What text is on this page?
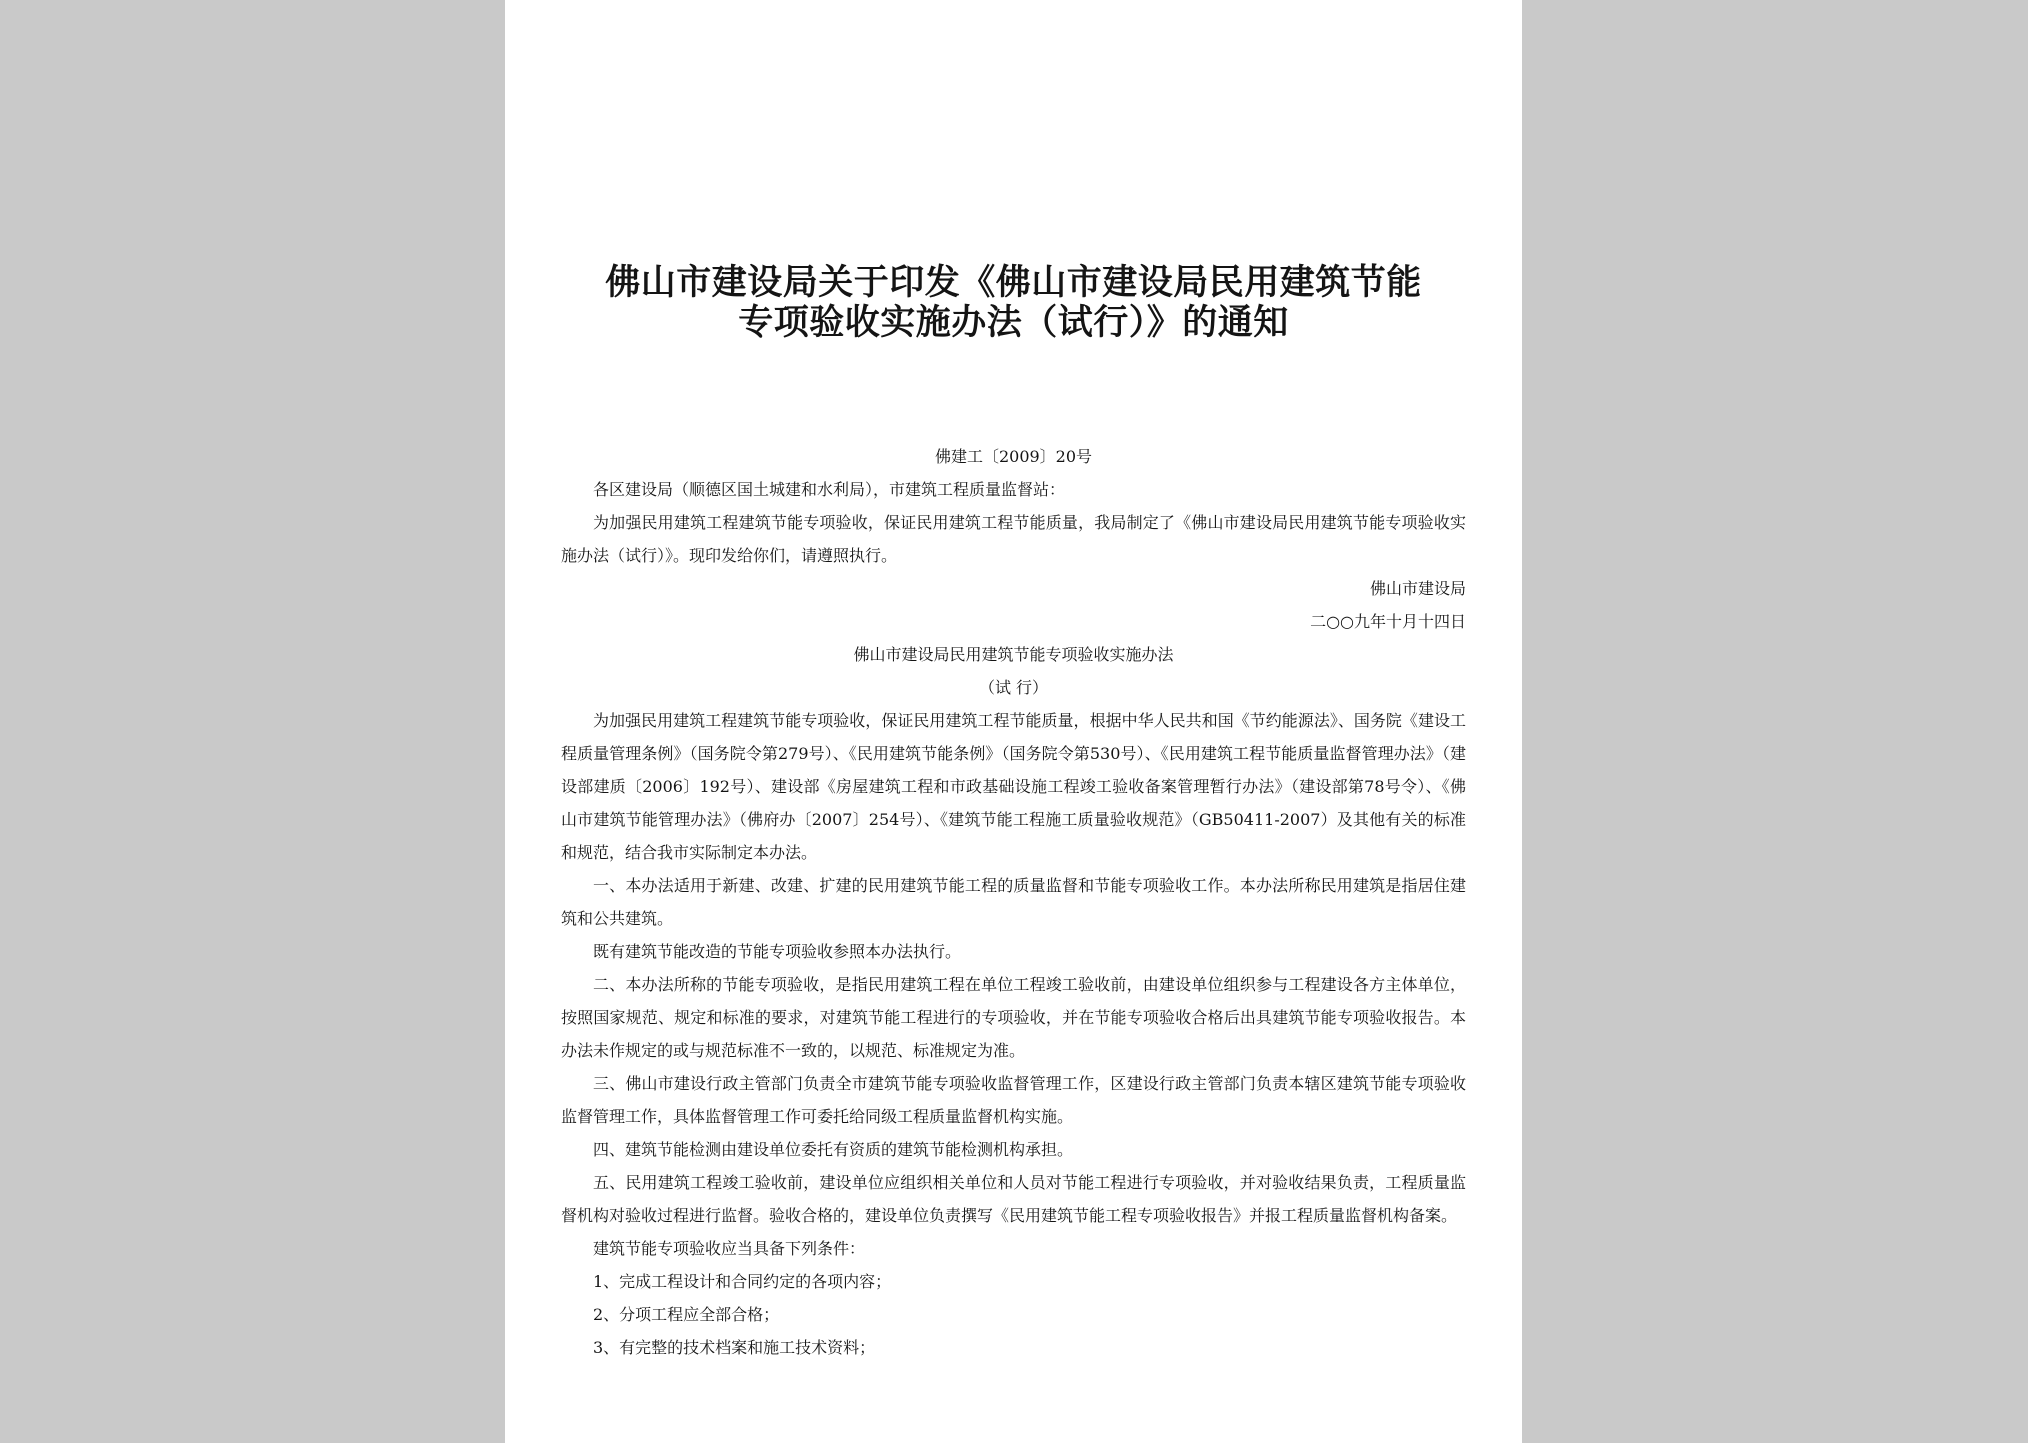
佛山市建设局关于印发《佛山市建设局民用建筑节能

专项验收实施办法（试行）》的通知

佛建工〔2009〕20号

各区建设局（顺德区国土城建和水利局），市建筑工程质量监督站：

为加强民用建筑工程建筑节能专项验收，保证民用建筑工程节能质量，我局制定了《佛山市建设局民用建筑节能专项验收实施办法（试行）》。现印发给你们，请遵照执行。

佛山市建设局

二○○九年十月十四日

佛山市建设局民用建筑节能专项验收实施办法

（试 行）

为加强民用建筑工程建筑节能专项验收，保证民用建筑工程节能质量，根据中华人民共和国《节约能源法》、国务院《建设工程质量管理条例》（国务院令第279号）、《民用建筑节能条例》（国务院令第530号）、《民用建筑工程节能质量监督管理办法》（建设部建质〔2006〕192号）、建设部《房屋建筑工程和市政基础设施工程竣工验收备案管理暂行办法》（建设部第78号令）、《佛山市建筑节能管理办法》（佛府办〔2007〕254号）、《建筑节能工程施工质量验收规范》（GB50411-2007）及其他有关的标准和规范，结合我市实际制定本办法。

一、本办法适用于新建、改建、扩建的民用建筑节能工程的质量监督和节能专项验收工作。本办法所称民用建筑是指居住建筑和公共建筑。

既有建筑节能改造的节能专项验收参照本办法执行。

二、本办法所称的节能专项验收，是指民用建筑工程在单位工程竣工验收前，由建设单位组织参与工程建设各方主体单位，按照国家规范、规定和标准的要求，对建筑节能工程进行的专项验收，并在节能专项验收合格后出具建筑节能专项验收报告。本办法未作规定的或与规范标准不一致的，以规范、标准规定为准。

三、佛山市建设行政主管部门负责全市建筑节能专项验收监督管理工作，区建设行政主管部门负责本辖区建筑节能专项验收监督管理工作，具体监督管理工作可委托给同级工程质量监督机构实施。

四、建筑节能检测由建设单位委托有资质的建筑节能检测机构承担。

五、民用建筑工程竣工验收前，建设单位应组织相关单位和人员对节能工程进行专项验收，并对验收结果负责，工程质量监督机构对验收过程进行监督。验收合格的，建设单位负责撰写《民用建筑节能工程专项验收报告》并报工程质量监督机构备案。

建筑节能专项验收应当具备下列条件：

1、完成工程设计和合同约定的各项内容；

2、分项工程应全部合格；

3、有完整的技术档案和施工技术资料；
